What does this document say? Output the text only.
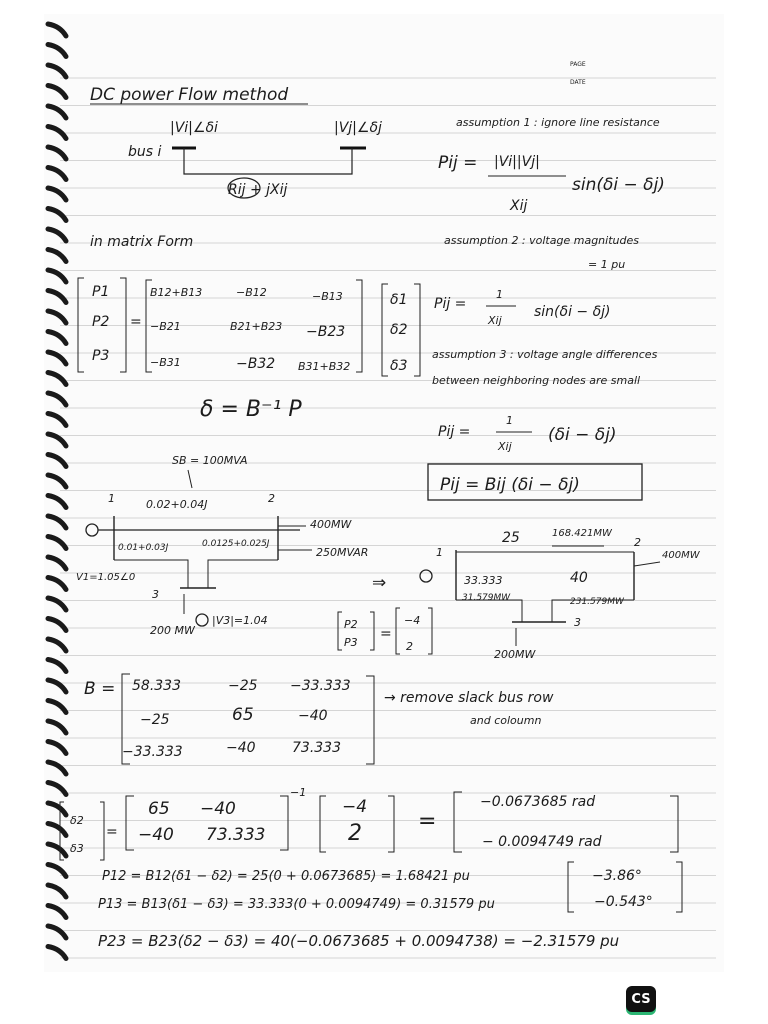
PAGE
DATE
DC power Flow method
|Vi|∠δi	|Vj|∠δj
bus i
Rij + jXij
assumption 1 : ignore line resistance
Pij = |Vi||Vj|
Xij
sin(δi − δj)
in matrix Form	assumption 2 : voltage magnitudes
= 1 pu
P1
P2
P3
=
B12+B13	−B12	−B13
−B21	B21+B23 −B23
−B31	−B32 B31+B32
δ1
δ2
δ3
Pij =
1
Xij
sin(δi − δj)
assumption 3 : voltage angle differences
between neighboring nodes are small
δ = B⁻¹ P
Pij =
1
Xij
(δi − δj)
Pij = Bij (δi − δj)
SB = 100MVA
1	2
0.02+0.04J
0.01+0.03J	0.0125+0.025J
400MW
250MVAR
V1=1.05∠0
3
200 MW
|V3|=1.04
⇒
1
2
25	168.421MW
400MW
33.333	40
31.579MW	231.579MW
3
200MW
P2
P3
=
−4
2
B = 58.333	−25 −33.333
−25	65	−40
−33.333	−40	73.333
→ remove slack bus row
and coloumn
δ2
δ3
=
65 −40
−40 73.333
−1
−4
2	=
−0.0673685 rad
− 0.0094749 rad
P12 = B12(δ1 − δ2) = 25(0 + 0.0673685) = 1.68421 pu
P13 = B13(δ1 − δ3) = 33.333(0 + 0.0094749) = 0.31579 pu
P23 = B23(δ2 − δ3) = 40(−0.0673685 + 0.0094738) = −2.31579 pu
−3.86°
−0.543°
CS
